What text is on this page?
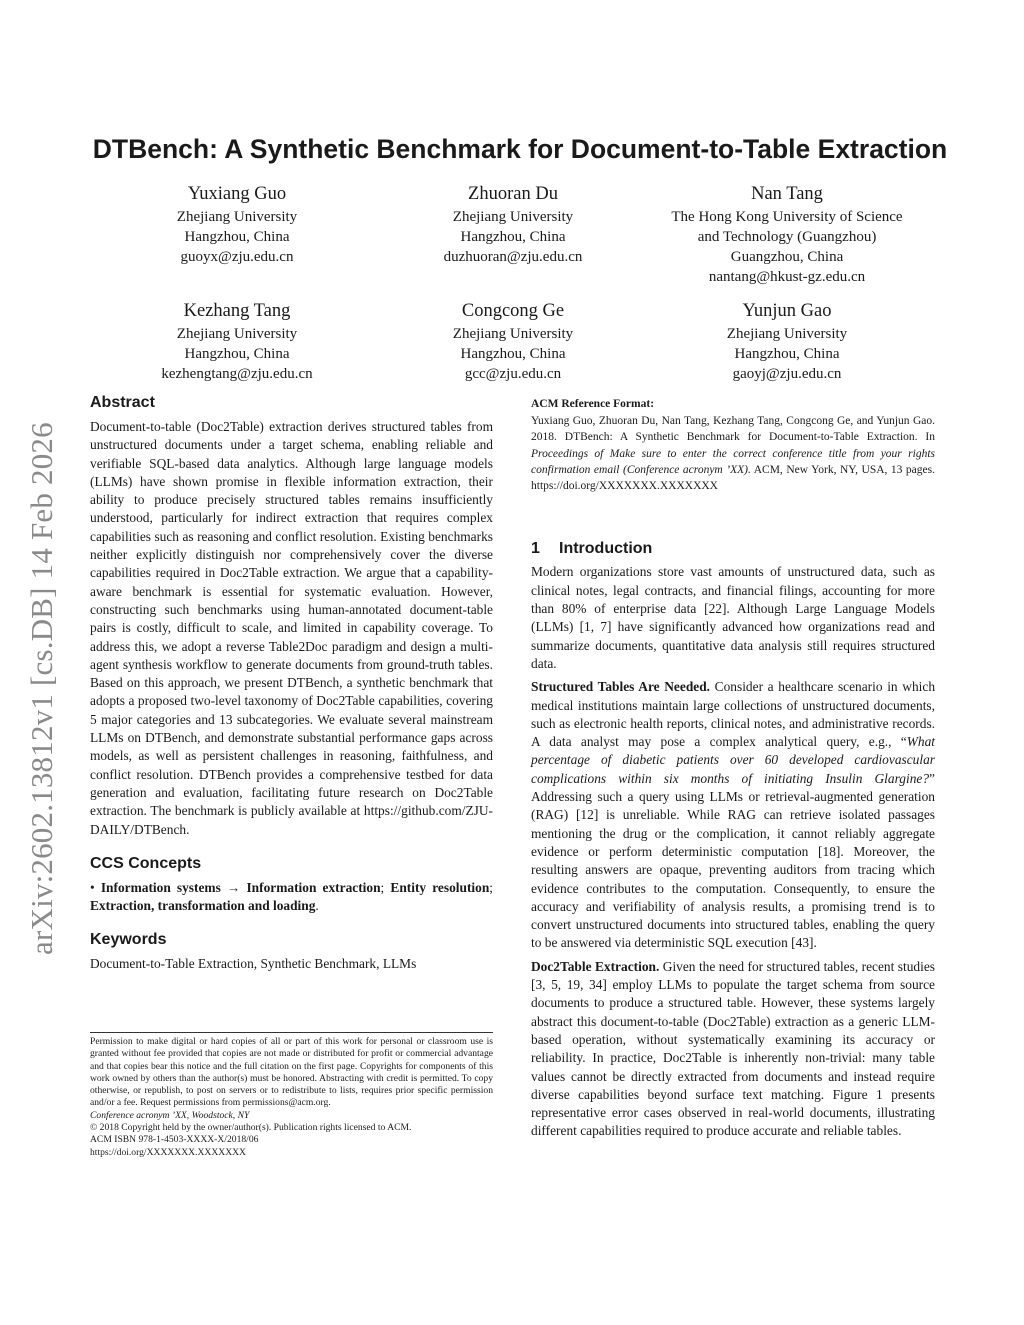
arXiv:2602.13812v1 [cs.DB] 14 Feb 2026
DTBench: A Synthetic Benchmark for Document-to-Table Extraction
Yuxiang Guo
Zhejiang University
Hangzhou, China
guoyx@zju.edu.cn
Zhuoran Du
Zhejiang University
Hangzhou, China
duzhuoran@zju.edu.cn
Nan Tang
The Hong Kong University of Science
and Technology (Guangzhou)
Guangzhou, China
nantang@hkust-gz.edu.cn
Kezhang Tang
Zhejiang University
Hangzhou, China
kezhengtang@zju.edu.cn
Congcong Ge
Zhejiang University
Hangzhou, China
gcc@zju.edu.cn
Yunjun Gao
Zhejiang University
Hangzhou, China
gaoyj@zju.edu.cn
Abstract

Document-to-table (Doc2Table) extraction derives structured tables from unstructured documents under a target schema, enabling reliable and verifiable SQL-based data analytics. Although large language models (LLMs) have shown promise in flexible information extraction, their ability to produce precisely structured tables remains insufficiently understood, particularly for indirect extraction that requires complex capabilities such as reasoning and conflict resolution. Existing benchmarks neither explicitly distinguish nor comprehensively cover the diverse capabilities required in Doc2Table extraction. We argue that a capability-aware benchmark is essential for systematic evaluation. However, constructing such benchmarks using human-annotated document-table pairs is costly, difficult to scale, and limited in capability coverage. To address this, we adopt a reverse Table2Doc paradigm and design a multi-agent synthesis workflow to generate documents from ground-truth tables. Based on this approach, we present DTBench, a synthetic benchmark that adopts a proposed two-level taxonomy of Doc2Table capabilities, covering 5 major categories and 13 subcategories. We evaluate several mainstream LLMs on DTBench, and demonstrate substantial performance gaps across models, as well as persistent challenges in reasoning, faithfulness, and conflict resolution. DTBench provides a comprehensive testbed for data generation and evaluation, facilitating future research on Doc2Table extraction. The benchmark is publicly available at https://github.com/ZJU-DAILY/DTBench.

CCS Concepts

• Information systems → Information extraction; Entity resolution; Extraction, transformation and loading.

Keywords

Document-to-Table Extraction, Synthetic Benchmark, LLMs

Permission to make digital or hard copies of all or part of this work for personal or classroom use is granted without fee provided that copies are not made or distributed for profit or commercial advantage and that copies bear this notice and the full citation on the first page. Copyrights for components of this work owned by others than the author(s) must be honored. Abstracting with credit is permitted. To copy otherwise, or republish, to post on servers or to redistribute to lists, requires prior specific permission and/or a fee. Request permissions from permissions@acm.org.

Conference acronym ’XX, Woodstock, NY

© 2018 Copyright held by the owner/author(s). Publication rights licensed to ACM.

ACM ISBN 978-1-4503-XXXX-X/2018/06

https://doi.org/XXXXXXX.XXXXXXX

ACM Reference Format:

Yuxiang Guo, Zhuoran Du, Nan Tang, Kezhang Tang, Congcong Ge, and Yunjun Gao. 2018. DTBench: A Synthetic Benchmark for Document-to-Table Extraction. In Proceedings of Make sure to enter the correct conference title from your rights confirmation email (Conference acronym ’XX). ACM, New York, NY, USA, 13 pages. https://doi.org/XXXXXXX.XXXXXXX

1 Introduction

Modern organizations store vast amounts of unstructured data, such as clinical notes, legal contracts, and financial filings, accounting for more than 80% of enterprise data [22]. Although Large Language Models (LLMs) [1, 7] have significantly advanced how organizations read and summarize documents, quantitative data analysis still requires structured data.

Structured Tables Are Needed. Consider a healthcare scenario in which medical institutions maintain large collections of unstructured documents, such as electronic health reports, clinical notes, and administrative records. A data analyst may pose a complex analytical query, e.g., “What percentage of diabetic patients over 60 developed cardiovascular complications within six months of initiating Insulin Glargine?” Addressing such a query using LLMs or retrieval-augmented generation (RAG) [12] is unreliable. While RAG can retrieve isolated passages mentioning the drug or the complication, it cannot reliably aggregate evidence or perform deterministic computation [18]. Moreover, the resulting answers are opaque, preventing auditors from tracing which evidence contributes to the computation. Consequently, to ensure the accuracy and verifiability of analysis results, a promising trend is to convert unstructured documents into structured tables, enabling the query to be answered via deterministic SQL execution [43].

Doc2Table Extraction. Given the need for structured tables, recent studies [3, 5, 19, 34] employ LLMs to populate the target schema from source documents to produce a structured table. However, these systems largely abstract this document-to-table (Doc2Table) extraction as a generic LLM-based operation, without systematically examining its accuracy or reliability. In practice, Doc2Table is inherently non-trivial: many table values cannot be directly extracted from documents and instead require diverse capabilities beyond surface text matching. Figure 1 presents representative error cases observed in real-world documents, illustrating different capabilities required to produce accurate and reliable tables.
